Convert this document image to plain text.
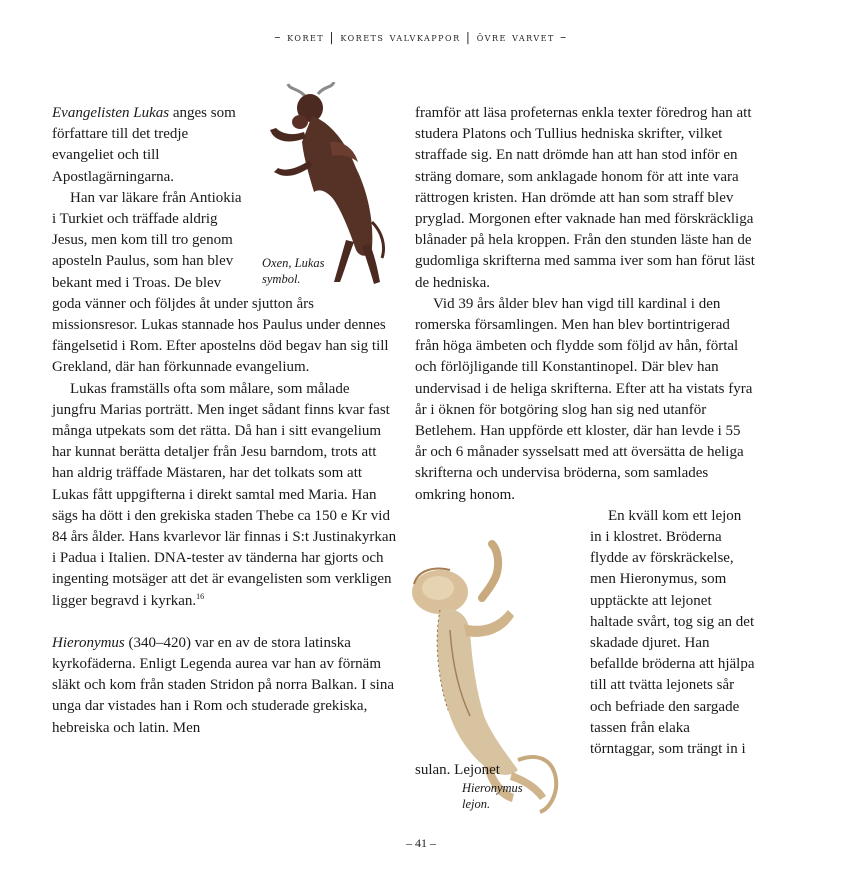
– koret | korets valvkappor | övre varvet –
Oxen, Lukas symbol.
Hieronymus lejon.

Evangelisten Lukas anges som författare till det tredje evangeliet och till Apostlagärningarna.

Han var läkare från Antiokia i Turkiet och träffade aldrig Jesus, men kom till tro genom aposteln Paulus, som han blev bekant med i Troas. De blev goda vänner och följdes åt under sjutton års missionsresor. Lukas stannade hos Paulus under dennes fängelsetid i Rom. Efter apostelns död begav han sig till Grekland, där han förkunnade evangelium.

Lukas framställs ofta som målare, som målade jungfru Marias porträtt. Men inget sådant finns kvar fast många utpekats som det rätta. Då han i sitt evangelium har kunnat berätta detaljer från Jesu barndom, trots att han aldrig träffade Mästaren, har det tolkats som att Lukas fått uppgifterna i direkt samtal med Maria. Han sägs ha dött i den grekiska staden Thebe ca 150 e Kr vid 84 års ålder. Hans kvarlevor lär finnas i S:t Justinakyrkan i Padua i Italien. DNA-tester av tänderna har gjorts och ingenting motsäger att det är evangelisten som verkligen ligger begravd i kyrkan.$^{16}$

Hieronymus (340–420) var en av de stora latinska kyrkofäderna. Enligt Legenda aurea var han av förnäm släkt och kom från staden Stridon på norra Balkan. I sina unga dar vistades han i Rom och studerade grekiska, hebreiska och latin. Men

framför att läsa profeternas enkla texter föredrog han att studera Platons och Tullius hedniska skrifter, vilket straffade sig. En natt drömde han att han stod inför en sträng domare, som anklagade honom för att inte vara rättrogen kristen. Han drömde att han som straff blev pryglad. Morgonen efter vaknade han med förskräckliga blånader på hela kroppen. Från den stunden läste han de gudomliga skrifterna med samma iver som han förut läst de hedniska.

Vid 39 års ålder blev han vigd till kardinal i den romerska församlingen. Men han blev bortintrigerad från höga ämbeten och flydde som följd av hån, förtal och förlöjligande till Konstantinopel. Där blev han undervisad i de heliga skrifterna. Efter att ha vistats fyra år i öknen för botgöring slog han sig ned utanför Betlehem. Han uppförde ett kloster, där han levde i 55 år och 6 månader sysselsatt med att översätta de heliga skrifterna och undervisa bröderna, som samlades omkring honom.

En kväll kom ett lejon in i klostret. Bröderna flydde av förskräckelse, men Hieronymus, som upptäckte att lejonet haltade svårt, tog sig an det skadade djuret. Han befallde bröderna att hjälpa till att tvätta lejonets sår och befriade den sargade tassen från elaka törntaggar, som trängt in i sulan. Lejonet

– 41 –
